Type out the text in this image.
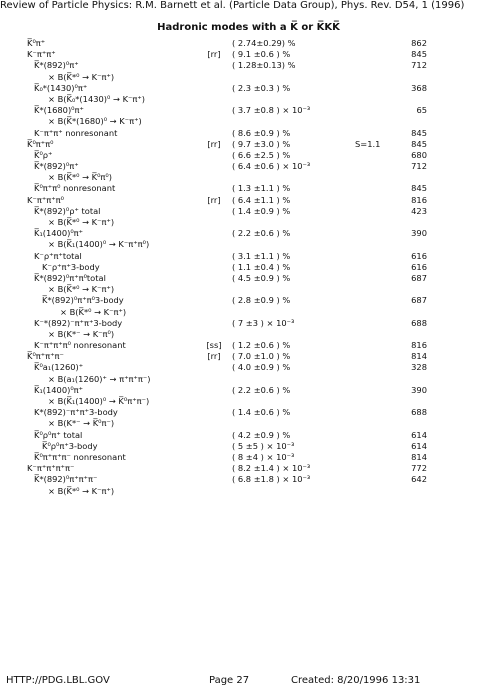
Review of Particle Physics: R.M. Barnett et al. (Particle Data Group), Phys. Rev. D54, 1 (1996)
Hadronic modes with a K̅ or K̅KK̅
K̅⁰π⁺	( 2.74±0.29) %	862
K⁻π⁺π⁺	[rr]	( 9.1 ±0.6 ) %	845
K̅*(892)⁰π⁺	( 1.28±0.13) %	712
× B(K̅*⁰ → K⁻π⁺)
K̅₀*(1430)⁰π⁺	( 2.3 ±0.3 ) %	368
× B(K̅₀*(1430)⁰ → K⁻π⁺)
K̅*(1680)⁰π⁺	( 3.7 ±0.8 ) × 10⁻³	65
× B(K̅*(1680)⁰ → K⁻π⁺)
K⁻π⁺π⁺ nonresonant	( 8.6 ±0.9 ) %	845
K̅⁰π⁺π⁰	[rr]	( 9.7 ±3.0 ) %	S=1.1	845
K̅⁰ρ⁺	( 6.6 ±2.5 ) %	680
K̅*(892)⁰π⁺	( 6.4 ±0.6 ) × 10⁻³	712
× B(K̅*⁰ → K̅⁰π⁰)
K̅⁰π⁺π⁰ nonresonant	( 1.3 ±1.1 ) %	845
K⁻π⁺π⁺π⁰	[rr]	( 6.4 ±1.1 ) %	816
K̅*(892)⁰ρ⁺ total	( 1.4 ±0.9 ) %	423
× B(K̅*⁰ → K⁻π⁺)
K̅₁(1400)⁰π⁺	( 2.2 ±0.6 ) %	390
× B(K̅₁(1400)⁰ → K⁻π⁺π⁰)
K⁻ρ⁺π⁺total	( 3.1 ±1.1 ) %	616
K⁻ρ⁺π⁺3-body	( 1.1 ±0.4 ) %	616
K̅*(892)⁰π⁺π⁰total	( 4.5 ±0.9 ) %	687
× B(K̅*⁰ → K⁻π⁺)
K̅*(892)⁰π⁺π⁰3-body	( 2.8 ±0.9 ) %	687
× B(K̅*⁰ → K⁻π⁺)
K⁻*(892)⁻π⁺π⁺3-body	( 7 ±3 ) × 10⁻³	688
× B(K*⁻ → K⁻π⁰)
K⁻π⁺π⁺π⁰ nonresonant	[ss] ( 1.2 ±0.6 ) %	816
K̅⁰π⁺π⁺π⁻	[rr]	( 7.0 ±1.0 ) %	814
K̅⁰a₁(1260)⁺	( 4.0 ±0.9 ) %	328
× B(a₁(1260)⁺ → π⁺π⁺π⁻)
K̅₁(1400)⁰π⁺	( 2.2 ±0.6 ) %	390
× B(K̅₁(1400)⁰ → K̅⁰π⁺π⁻)
K*(892)⁻π⁺π⁺3-body	( 1.4 ±0.6 ) %	688
× B(K*⁻ → K̅⁰π⁻)
K̅⁰ρ⁰π⁺ total	( 4.2 ±0.9 ) %	614
K̅⁰ρ⁰π⁺3-body	( 5 ±5 ) × 10⁻³	614
K̅⁰π⁺π⁺π⁻ nonresonant	( 8 ±4 ) × 10⁻³	814
K⁻π⁺π⁺π⁺π⁻	( 8.2 ±1.4 ) × 10⁻³	772
K̅*(892)⁰π⁺π⁺π⁻	( 6.8 ±1.8 ) × 10⁻³	642
× B(K̅*⁰ → K⁻π⁺)
HTTP://PDG.LBL.GOV	Page 27	Created: 8/20/1996 13:31
